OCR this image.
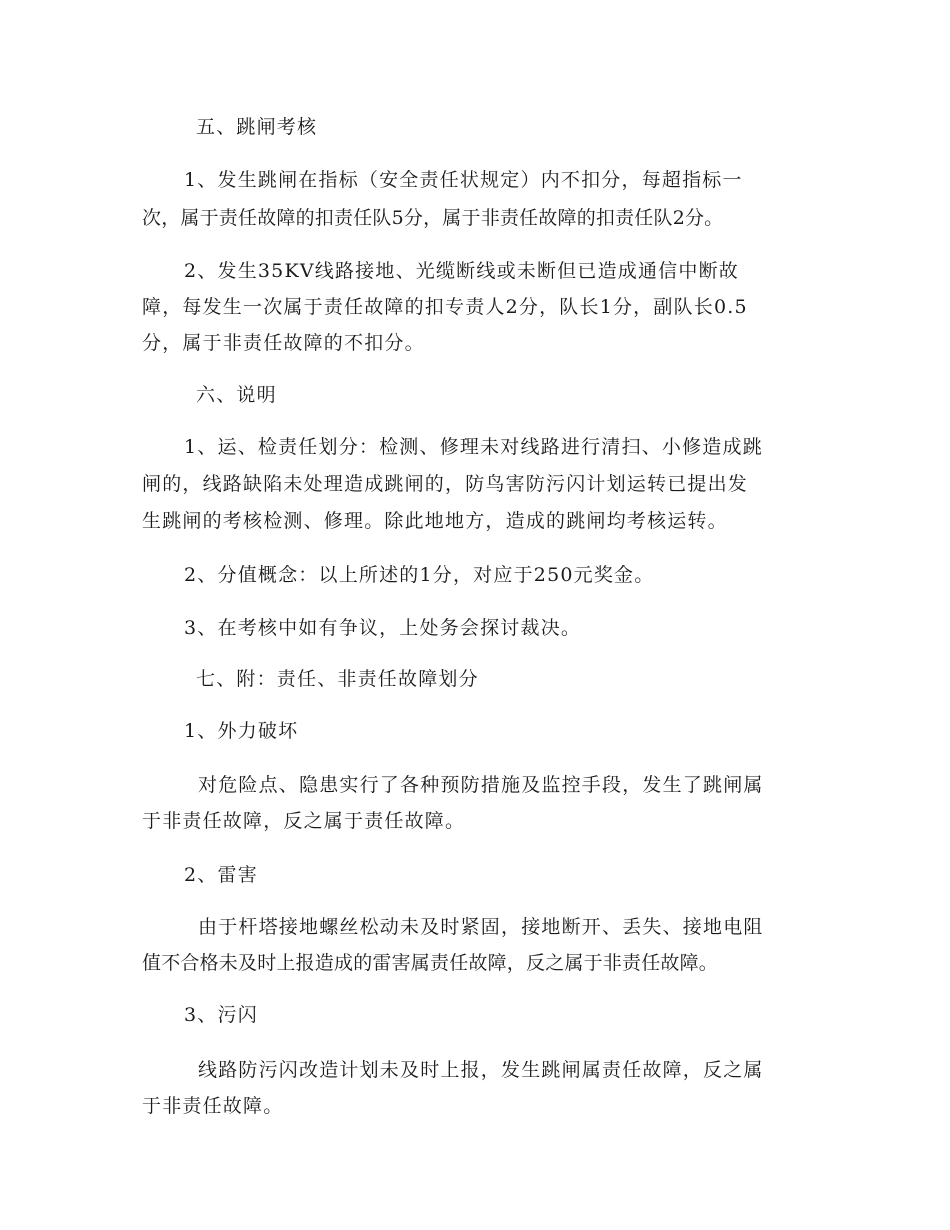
五、跳闸考核
1、发生跳闸在指标（安全责任状规定）内不扣分，每超指标一
次，属于责任故障的扣责任队5分，属于非责任故障的扣责任队2分。
2、发生35KV线路接地、光缆断线或未断但已造成通信中断故
障，每发生一次属于责任故障的扣专责人2分，队长1分，副队长0.5
分，属于非责任故障的不扣分。
六、说明
1、运、检责任划分：检测、修理未对线路进行清扫、小修造成跳
闸的，线路缺陷未处理造成跳闸的，防鸟害防污闪计划运转已提出发
生跳闸的考核检测、修理。除此地地方，造成的跳闸均考核运转。
2、分值概念：以上所述的1分，对应于250元奖金。
3、在考核中如有争议，上处务会探讨裁决。
七、附：责任、非责任故障划分
1、外力破坏
对危险点、隐患实行了各种预防措施及监控手段，发生了跳闸属
于非责任故障，反之属于责任故障。
2、雷害
由于杆塔接地螺丝松动未及时紧固，接地断开、丢失、接地电阻
值不合格未及时上报造成的雷害属责任故障，反之属于非责任故障。
3、污闪
线路防污闪改造计划未及时上报，发生跳闸属责任故障，反之属
于非责任故障。
